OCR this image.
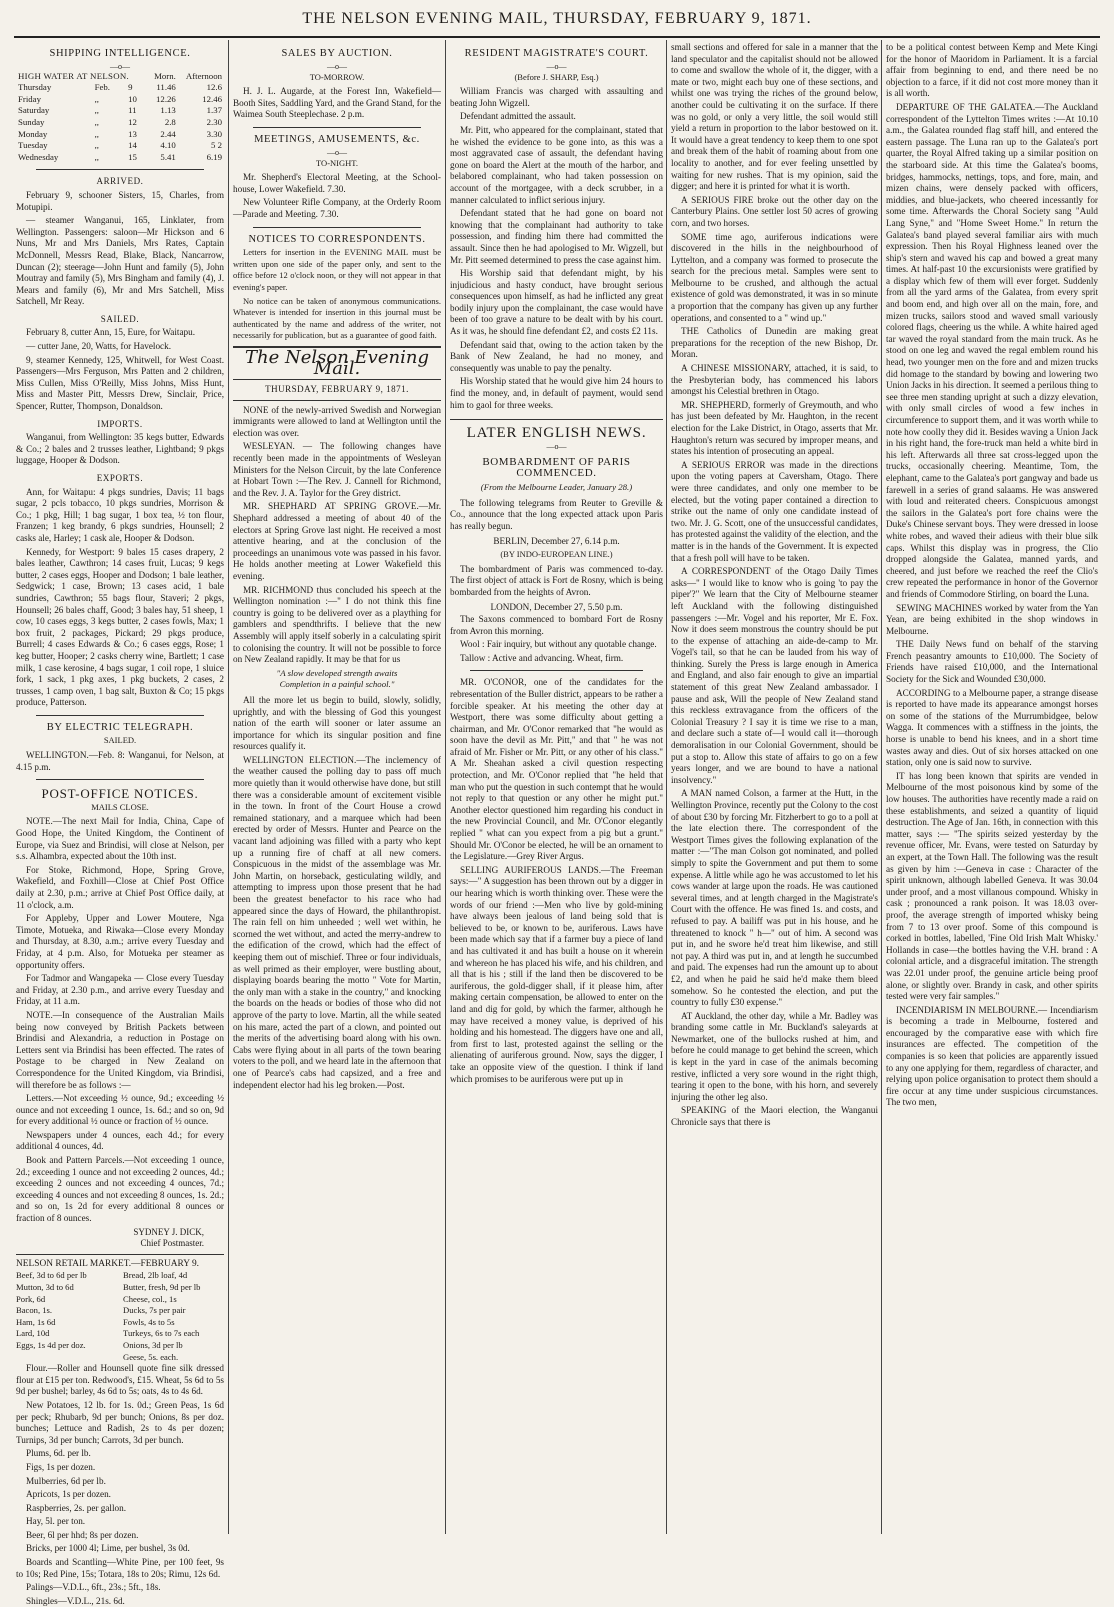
THE NELSON EVENING MAIL, THURSDAY, FEBRUARY 9, 1871.
SHIPPING INTELLIGENCE.
—o—
HIGH WATER AT NELSON.			Morn.	Afternoon
Thursday	Feb.	9	11.46	12.6
Friday	,,	10	12.26	12.46
Saturday	,,	11	1.13	1.37
Sunday	,,	12	2.8	2.30
Monday	,,	13	2.44	3.30
Tuesday	,,	14	4.10	5 2
Wednesday	,,	15	5.41	6.19
ARRIVED.

February 9, schooner Sisters, 15, Charles, from Motupipi.

— steamer Wanganui, 165, Linklater, from Wellington. Passengers: saloon—Mr Hickson and 6 Nuns, Mr and Mrs Daniels, Mrs Rates, Captain McDonnell, Messrs Read, Blake, Black, Nancarrow, Duncan (2); steerage—John Hunt and family (5), John Moutray and family (5), Mrs Bingham and family (4), J. Mears and family (6), Mr and Mrs Satchell, Miss Satchell, Mr Reay.

SAILED.

February 8, cutter Ann, 15, Eure, for Waitapu.

— cutter Jane, 20, Watts, for Havelock.

9, steamer Kennedy, 125, Whitwell, for West Coast. Passengers—Mrs Ferguson, Mrs Patten and 2 children, Miss Cullen, Miss O'Reilly, Miss Johns, Miss Hunt, Miss and Master Pitt, Messrs Drew, Sinclair, Price, Spencer, Rutter, Thompson, Donaldson.

IMPORTS.

Wanganui, from Wellington: 35 kegs butter, Edwards & Co.; 2 bales and 2 trusses leather, Lightband; 9 pkgs luggage, Hooper & Dodson.

EXPORTS.

Ann, for Waitapu: 4 pkgs sundries, Davis; 11 bags sugar, 2 pcls tobacco, 10 pkgs sundries, Morrison & Co.; 1 pkg, Hill; 1 bag sugar, 1 box tea, ½ ton flour, Franzen; 1 keg brandy, 6 pkgs sundries, Hounsell; 2 casks ale, Harley; 1 cask ale, Hooper & Dodson.

Kennedy, for Westport: 9 bales 15 cases drapery, 2 bales leather, Cawthron; 14 cases fruit, Lucas; 9 kegs butter, 2 cases eggs, Hooper and Dodson; 1 bale leather, Sedgwick; 1 case, Brown; 13 cases acid, 1 bale sundries, Cawthron; 55 bags flour, Staveri; 2 pkgs, Hounsell; 26 bales chaff, Good; 3 bales hay, 51 sheep, 1 cow, 10 cases eggs, 3 kegs butter, 2 cases fowls, Max; 1 box fruit, 2 packages, Pickard; 29 pkgs produce, Burrell; 4 cases Edwards & Co.; 6 cases eggs, Rose; 1 keg butter, Hooper; 2 casks cherry wine, Bartlett; 1 case milk, 1 case kerosine, 4 bags sugar, 1 coil rope, 1 sluice fork, 1 sack, 1 pkg axes, 1 pkg buckets, 2 cases, 2 trusses, 1 camp oven, 1 bag salt, Buxton & Co; 15 pkgs produce, Patterson.

BY ELECTRIC TELEGRAPH.
SAILED.

WELLINGTON.—Feb. 8: Wanganui, for Nelson, at 4.15 p.m.

POST-OFFICE NOTICES.
MAILS CLOSE.

NOTE.—The next Mail for India, China, Cape of Good Hope, the United Kingdom, the Continent of Europe, via Suez and Brindisi, will close at Nelson, per s.s. Alhambra, expected about the 10th inst.

For Stoke, Richmond, Hope, Spring Grove, Wakefield, and Foxhill—Close at Chief Post Office daily at 2.30, p.m.; arrive at Chief Post Office daily, at 11 o'clock, a.m.

For Appleby, Upper and Lower Moutere, Nga Timote, Motueka, and Riwaka—Close every Monday and Thursday, at 8.30, a.m.; arrive every Tuesday and Friday, at 4 p.m. Also, for Motueka per steamer as opportunity offers.

For Tadmor and Wangapeka — Close every Tuesday and Friday, at 2.30 p.m., and arrive every Tuesday and Friday, at 11 a.m.

NOTE.—In consequence of the Australian Mails being now conveyed by British Packets between Brindisi and Alexandria, a reduction in Postage on Letters sent via Brindisi has been effected. The rates of Postage to be charged in New Zealand on Correspondence for the United Kingdom, via Brindisi, will therefore be as follows :—

Letters.—Not exceeding ½ ounce, 9d.; exceeding ½ ounce and not exceeding 1 ounce, 1s. 6d.; and so on, 9d for every additional ½ ounce or fraction of ½ ounce.

Newspapers under 4 ounces, each 4d.; for every additional 4 ounces, 4d.

Book and Pattern Parcels.—Not exceeding 1 ounce, 2d.; exceeding 1 ounce and not exceeding 2 ounces, 4d.; exceeding 2 ounces and not exceeding 4 ounces, 7d.; exceeding 4 ounces and not exceeding 8 ounces, 1s. 2d.; and so on, 1s 2d for every additional 8 ounces or fraction of 8 ounces.

SYDNEY J. DICK,
Chief Postmaster.
NELSON RETAIL MARKET.—FEBRUARY 9.
Beef, 3d to 6d per lb
Mutton, 3d to 6d
Pork, 6d
Bacon, 1s.
Ham, 1s 6d
Lard, 10d
Eggs, 1s 4d per doz.
Bread, 2lb loaf, 4d
Butter, fresh, 9d per lb
Cheese, col., 1s
Ducks, 7s per pair
Fowls, 4s to 5s
Turkeys, 6s to 7s each
Onions, 3d per lb
Geese, 5s. each.

Flour.—Roller and Hounsell quote fine silk dressed flour at £15 per ton. Redwood's, £15. Wheat, 5s 6d to 5s 9d per bushel; barley, 4s 6d to 5s; oats, 4s to 4s 6d.

New Potatoes, 12 lb. for 1s. 0d.; Green Peas, 1s 6d per peck; Rhubarb, 9d per bunch; Onions, 8s per doz. bunches; Lettuce and Radish, 2s to 4s per dozen; Turnips, 3d per bunch; Carrots, 3d per bunch.

Plums, 6d. per lb.

Figs, 1s per dozen.

Mulberries, 6d per lb.

Apricots, 1s per dozen.

Raspberries, 2s. per gallon.

Hay, 5l. per ton.

Beer, 6l per hhd; 8s per dozen.

Bricks, per 1000 4l; Lime, per bushel, 3s 0d.

Boards and Scantling—White Pine, per 100 feet, 9s to 10s; Red Pine, 15s; Totara, 18s to 20s; Rimu, 12s 6d.

Palings—V.D.L., 6ft., 23s.; 5ft., 18s.

Shingles—V.D.L., 21s. 6d.

SALES BY AUCTION.
—o—
TO-MORROW.

H. J. L. Augarde, at the Forest Inn, Wakefield—Booth Sites, Saddling Yard, and the Grand Stand, for the Waimea South Steeplechase. 2 p.m.

MEETINGS, AMUSEMENTS, &c.
—o—
TO-NIGHT.

Mr. Shepherd's Electoral Meeting, at the School-house, Lower Wakefield. 7.30.

New Volunteer Rifle Company, at the Orderly Room—Parade and Meeting. 7.30.

NOTICES TO CORRESPONDENTS.

Letters for insertion in the EVENING MAIL must be written upon one side of the paper only, and sent to the office before 12 o'clock noon, or they will not appear in that evening's paper.

No notice can be taken of anonymous communications. Whatever is intended for insertion in this journal must be authenticated by the name and address of the writer, not necessarily for publication, but as a guarantee of good faith.

The Nelson Evening Mail.
THURSDAY, FEBRUARY 9, 1871.

NONE of the newly-arrived Swedish and Norwegian immigrants were allowed to land at Wellington until the election was over.

WESLEYAN. — The following changes have recently been made in the appointments of Wesleyan Ministers for the Nelson Circuit, by the late Conference at Hobart Town :—The Rev. J. Cannell for Richmond, and the Rev. J. A. Taylor for the Grey district.

MR. SHEPHARD AT SPRING GROVE.—Mr. Shephard addressed a meeting of about 40 of the electors at Spring Grove last night. He received a most attentive hearing, and at the conclusion of the proceedings an unanimous vote was passed in his favor. He holds another meeting at Lower Wakefield this evening.

MR. RICHMOND thus concluded his speech at the Wellington nomination :—" I do not think this fine country is going to be delivered over as a plaything for gamblers and spendthrifts. I believe that the new Assembly will apply itself soberly in a calculating spirit to colonising the country. It will not be possible to force on New Zealand rapidly. It may be that for us

"A slow developed strength awaits
Completion in a painful school."

All the more let us begin to build, slowly, solidly, uprightly, and with the blessing of God this youngest nation of the earth will sooner or later assume an importance for which its singular position and fine resources qualify it.

WELLINGTON ELECTION.—The inclemency of the weather caused the polling day to pass off much more quietly than it would otherwise have done, but still there was a considerable amount of excitement visible in the town. In front of the Court House a crowd remained stationary, and a marquee which had been erected by order of Messrs. Hunter and Pearce on the vacant land adjoining was filled with a party who kept up a running fire of chaff at all new comers. Conspicuous in the midst of the assemblage was Mr. John Martin, on horseback, gesticulating wildly, and attempting to impress upon those present that he had been the greatest benefactor to his race who had appeared since the days of Howard, the philanthropist. The rain fell on him unheeded ; well wet within, he scorned the wet without, and acted the merry-andrew to the edification of the crowd, which had the effect of keeping them out of mischief. Three or four individuals, as well primed as their employer, were bustling about, displaying boards bearing the motto " Vote for Martin, the only man with a stake in the country," and knocking the boards on the heads or bodies of those who did not approve of the party to love. Martin, all the while seated on his mare, acted the part of a clown, and pointed out the merits of the advertising board along with his own. Cabs were flying about in all parts of the town bearing voters to the poll, and we heard late in the afternoon that one of Pearce's cabs had capsized, and a free and independent elector had his leg broken.—Post.

RESIDENT MAGISTRATE'S COURT.
—o—
(Before J. SHARP, Esq.)

William Francis was charged with assaulting and beating John Wigzell.

Defendant admitted the assault.

Mr. Pitt, who appeared for the complainant, stated that he wished the evidence to be gone into, as this was a most aggravated case of assault, the defendant having gone on board the Alert at the mouth of the harbor, and belabored complainant, who had taken possession on account of the mortgagee, with a deck scrubber, in a manner calculated to inflict serious injury.

Defendant stated that he had gone on board not knowing that the complainant had authority to take possession, and finding him there had committed the assault. Since then he had apologised to Mr. Wigzell, but Mr. Pitt seemed determined to press the case against him.

His Worship said that defendant might, by his injudicious and hasty conduct, have brought serious consequences upon himself, as had he inflicted any great bodily injury upon the complainant, the case would have been of too grave a nature to be dealt with by his court. As it was, he should fine defendant £2, and costs £2 11s.

Defendant said that, owing to the action taken by the Bank of New Zealand, he had no money, and consequently was unable to pay the penalty.

His Worship stated that he would give him 24 hours to find the money, and, in default of payment, would send him to gaol for three weeks.

LATER ENGLISH NEWS.
—o—
BOMBARDMENT OF PARIS COMMENCED.
(From the Melbourne Leader, January 28.)

The following telegrams from Reuter to Greville & Co., announce that the long expected attack upon Paris has really begun.

BERLIN, December 27, 6.14 p.m.
(BY INDO-EUROPEAN LINE.)

The bombardment of Paris was commenced to-day. The first object of attack is Fort de Rosny, which is being bombarded from the heights of Avron.

LONDON, December 27, 5.50 p.m.

The Saxons commenced to bombard Fort de Rosny from Avron this morning.

Wool : Fair inquiry, but without any quotable change.

Tallow : Active and advancing. Wheat, firm.

MR. O'CONOR, one of the candidates for the rebresentation of the Buller district, appears to be rather a forcible speaker. At his meeting the other day at Westport, there was some difficulty about getting a chairman, and Mr. O'Conor remarked that "he would as soon have the devil as Mr. Pitt," and that " he was not afraid of Mr. Fisher or Mr. Pitt, or any other of his class." A Mr. Sheahan asked a civil question respecting protection, and Mr. O'Conor replied that "he held that man who put the question in such contempt that he would not reply to that question or any other he might put." Another elector questioned him regarding his conduct in the new Provincial Council, and Mr. O'Conor elegantly replied " what can you expect from a pig but a grunt." Should Mr. O'Conor be elected, he will be an ornament to the Legislature.—Grey River Argus.

SELLING AURIFEROUS LANDS.—The Freeman says:—" A suggestion has been thrown out by a digger in our hearing which is worth thinking over. These were the words of our friend :—Men who live by gold-mining have always been jealous of land being sold that is believed to be, or known to be, auriferous. Laws have been made which say that if a farmer buy a piece of land and has cultivated it and has built a house on it wherein and whereon he has placed his wife, and his children, and all that is his ; still if the land then be discovered to be auriferous, the gold-digger shall, if it please him, after making certain compensation, be allowed to enter on the land and dig for gold, by which the farmer, although he may have received a money value, is deprived of his holding and his homestead. The diggers have one and all, from first to last, protested against the selling or the alienating of auriferous ground. Now, says the digger, I take an opposite view of the question. I think if land which promises to be auriferous were put up in

small sections and offered for sale in a manner that the land speculator and the capitalist should not be allowed to come and swallow the whole of it, the digger, with a mate or two, might each buy one of these sections, and whilst one was trying the riches of the ground below, another could be cultivating it on the surface. If there was no gold, or only a very little, the soil would still yield a return in proportion to the labor bestowed on it. It would have a great tendency to keep them to one spot and break them of the habit of roaming about from one locality to another, and for ever feeling unsettled by waiting for new rushes. That is my opinion, said the digger; and here it is printed for what it is worth.

A SERIOUS FIRE broke out the other day on the Canterbury Plains. One settler lost 50 acres of growing corn, and two horses.

SOME time ago, auriferous indications were discovered in the hills in the neighbourhood of Lyttelton, and a company was formed to prosecute the search for the precious metal. Samples were sent to Melbourne to be crushed, and although the actual existence of gold was demonstrated, it was in so minute a proportion that the company has given up any further operations, and consented to a " wind up."

THE Catholics of Dunedin are making great preparations for the reception of the new Bishop, Dr. Moran.

A CHINESE MISSIONARY, attached, it is said, to the Presbyterian body, has commenced his labors amongst his Celestial brethren in Otago.

MR. SHEPHERD, formerly of Greymouth, and who has just been defeated by Mr. Haughton, in the recent election for the Lake District, in Otago, asserts that Mr. Haughton's return was secured by improper means, and states his intention of prosecuting an appeal.

A SERIOUS ERROR was made in the directions upon the voting papers at Caversham, Otago. There were three candidates, and only one member to be elected, but the voting paper contained a direction to strike out the name of only one candidate instead of two. Mr. J. G. Scott, one of the unsuccessful candidates, has protested against the validity of the election, and the matter is in the hands of the Government. It is expected that a fresh poll will have to be taken.

A CORRESPONDENT of the Otago Daily Times asks—" I would like to know who is going 'to pay the piper'?" We learn that the City of Melbourne steamer left Auckland with the following distinguished passengers :—Mr. Vogel and his reporter, Mr E. Fox. Now it does seem monstrous the country should be put to the expense of attaching an aide-de-camp to Mr. Vogel's tail, so that he can be lauded from his way of thinking. Surely the Press is large enough in America and England, and also fair enough to give an impartial statement of this great New Zealand ambassador. I pause and ask, Will the people of New Zealand stand this reckless extravagance from the officers of the Colonial Treasury ? I say it is time we rise to a man, and declare such a state of—I would call it—thorough demoralisation in our Colonial Government, should be put a stop to. Allow this state of affairs to go on a few years longer, and we are bound to have a national insolvency."

A MAN named Colson, a farmer at the Hutt, in the Wellington Province, recently put the Colony to the cost of about £30 by forcing Mr. Fitzherbert to go to a poll at the late election there. The correspondent of the Westport Times gives the following explanation of the matter :—"The man Colson got nominated, and polled simply to spite the Government and put them to some expense. A little while ago he was accustomed to let his cows wander at large upon the roads. He was cautioned several times, and at length charged in the Magistrate's Court with the offence. He was fined 1s. and costs, and refused to pay. A bailiff was put in his house, and he threatened to knock " h—" out of him. A second was put in, and he swore he'd treat him likewise, and still not pay. A third was put in, and at length he succumbed and paid. The expenses had run the amount up to about £2, and when he paid he said he'd make them bleed somehow. So he contested the election, and put the country to fully £30 expense."

AT Auckland, the other day, while a Mr. Badley was branding some cattle in Mr. Buckland's saleyards at Newmarket, one of the bullocks rushed at him, and before he could manage to get behind the screen, which is kept in the yard in case of the animals becoming restive, inflicted a very sore wound in the right thigh, tearing it open to the bone, with his horn, and severely injuring the other leg also.

SPEAKING of the Maori election, the Wanganui Chronicle says that there is

to be a political contest between Kemp and Mete Kingi for the honor of Maoridom in Parliament. It is a farcial affair from beginning to end, and there need be no objection to a farce, if it did not cost more money than it is all worth.

DEPARTURE OF THE GALATEA.—The Auckland correspondent of the Lyttelton Times writes :—At 10.10 a.m., the Galatea rounded flag staff hill, and entered the eastern passage. The Luna ran up to the Galatea's port quarter, the Royal Alfred taking up a similar position on the starboard side. At this time the Galatea's booms, bridges, hammocks, nettings, tops, and fore, main, and mizen chains, were densely packed with officers, middies, and blue-jackets, who cheered incessantly for some time. Afterwards the Choral Society sang "Auld Lang Syne," and "Home Sweet Home." In return the Galatea's band played several familiar airs with much expression. Then his Royal Highness leaned over the ship's stern and waved his cap and bowed a great many times. At half-past 10 the excursionists were gratified by a display which few of them will ever forget. Suddenly from all the yard arms of the Galatea, from every sprit and boom end, and high over all on the main, fore, and mizen trucks, sailors stood and waved small variously colored flags, cheering us the while. A white haired aged tar waved the royal standard from the main truck. As he stood on one leg and waved the regal emblem round his head, two younger men on the fore and and mizen trucks did homage to the standard by bowing and lowering two Union Jacks in his direction. It seemed a perilous thing to see three men standing upright at such a dizzy elevation, with only small circles of wood a few inches in circumference to support them, and it was worth while to note how coolly they did it. Besides waving a Union Jack in his right hand, the fore-truck man held a white bird in his left. Afterwards all three sat cross-legged upon the trucks, occasionally cheering. Meantime, Tom, the elephant, came to the Galatea's port gangway and bade us farewell in a series of grand salaams. He was answered with loud and reiterated cheers. Conspicuous amongst the sailors in the Galatea's port fore chains were the Duke's Chinese servant boys. They were dressed in loose white robes, and waved their adieus with their blue silk caps. Whilst this display was in progress, the Clio dropped alongside the Galatea, manned yards, and cheered, and just before we reached the reef the Clio's crew repeated the performance in honor of the Governor and friends of Commodore Stirling, on board the Luna.

SEWING MACHINES worked by water from the Yan Yean, are being exhibited in the shop windows in Melbourne.

THE Daily News fund on behalf of the starving French peasantry amounts to £10,000. The Society of Friends have raised £10,000, and the International Society for the Sick and Wounded £30,000.

ACCORDING to a Melbourne paper, a strange disease is reported to have made its appearance amongst horses on some of the stations of the Murrumbidgee, below Wagga. It commences with a stiffness in the joints, the horse is unable to bend his knees, and in a short time wastes away and dies. Out of six horses attacked on one station, only one is said now to survive.

IT has long been known that spirits are vended in Melbourne of the most poisonous kind by some of the low houses. The authorities have recently made a raid on these establishments, and seized a quantity of liquid destruction. The Age of Jan. 16th, in connection with this matter, says :— "The spirits seized yesterday by the revenue officer, Mr. Evans, were tested on Saturday by an expert, at the Town Hall. The following was the result as given by him :—Geneva in case : Character of the spirit unknown, although labelled Geneva. It was 30.04 under proof, and a most villanous compound. Whisky in cask ; pronounced a rank poison. It was 18.03 over-proof, the average strength of imported whisky being from 7 to 13 over proof. Some of this compound is corked in bottles, labelled, 'Fine Old Irish Malt Whisky.' Hollands in case—the bottles having the V.H. brand : A colonial article, and a disgraceful imitation. The strength was 22.01 under proof, the genuine article being proof alone, or slightly over. Brandy in cask, and other spirits tested were very fair samples."

INCENDIARISM IN MELBOURNE.— Incendiarism is becoming a trade in Melbourne, fostered and encouraged by the comparative ease with which fire insurances are effected. The competition of the companies is so keen that policies are apparently issued to any one applying for them, regardless of character, and relying upon police organisation to protect them should a fire occur at any time under suspicious circumstances. The two men,
